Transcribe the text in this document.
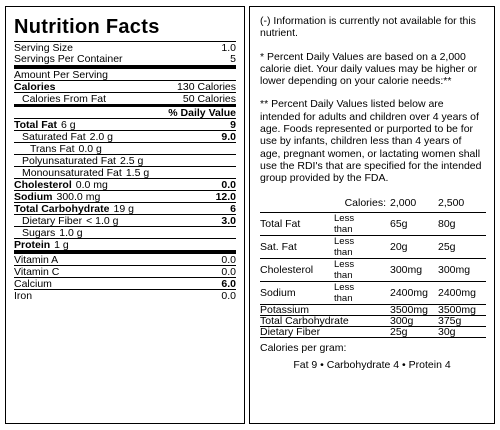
Nutrition Facts
Serving Size	1.0
Servings Per Container	5
Amount Per Serving
Calories	130 Calories
Calories From Fat	50 Calories
% Daily Value
Total Fat 6 g	9
Saturated Fat 2.0 g	9.0
Trans Fat 0.0 g
Polyunsaturated Fat 2.5 g
Monounsaturated Fat 1.5 g
Cholesterol 0.0 mg	0.0
Sodium 300.0 mg	12.0
Total Carbohydrate 19 g	6
Dietary Fiber < 1.0 g	3.0
Sugars 1.0 g
Protein 1 g
Vitamin A	0.0
Vitamin C	0.0
Calcium	6.0
Iron	0.0

(-) Information is currently not available for this nutrient.

* Percent Daily Values are based on a 2,000 calorie diet. Your daily values may be higher or lower depending on your calorie needs:**

** Percent Daily Values listed below are intended for adults and children over 4 years of age. Foods represented or purported to be for use by infants, children less than 4 years of age, pregnant women, or lactating women shall use the RDI's that are specified for the intended group provided by the FDA.

	Calories:		2,000	2,500
Total Fat	Less than		65g	80g
Sat. Fat	Less than		20g	25g
Cholesterol	Less than		300mg	300mg
Sodium	Less than		2400mg	2400mg
Potassium			3500mg	3500mg
Total Carbohydrate			300g	375g
Dietary Fiber			25g	30g
Calories per gram:
Fat 9 • Carbohydrate 4 • Protein 4
